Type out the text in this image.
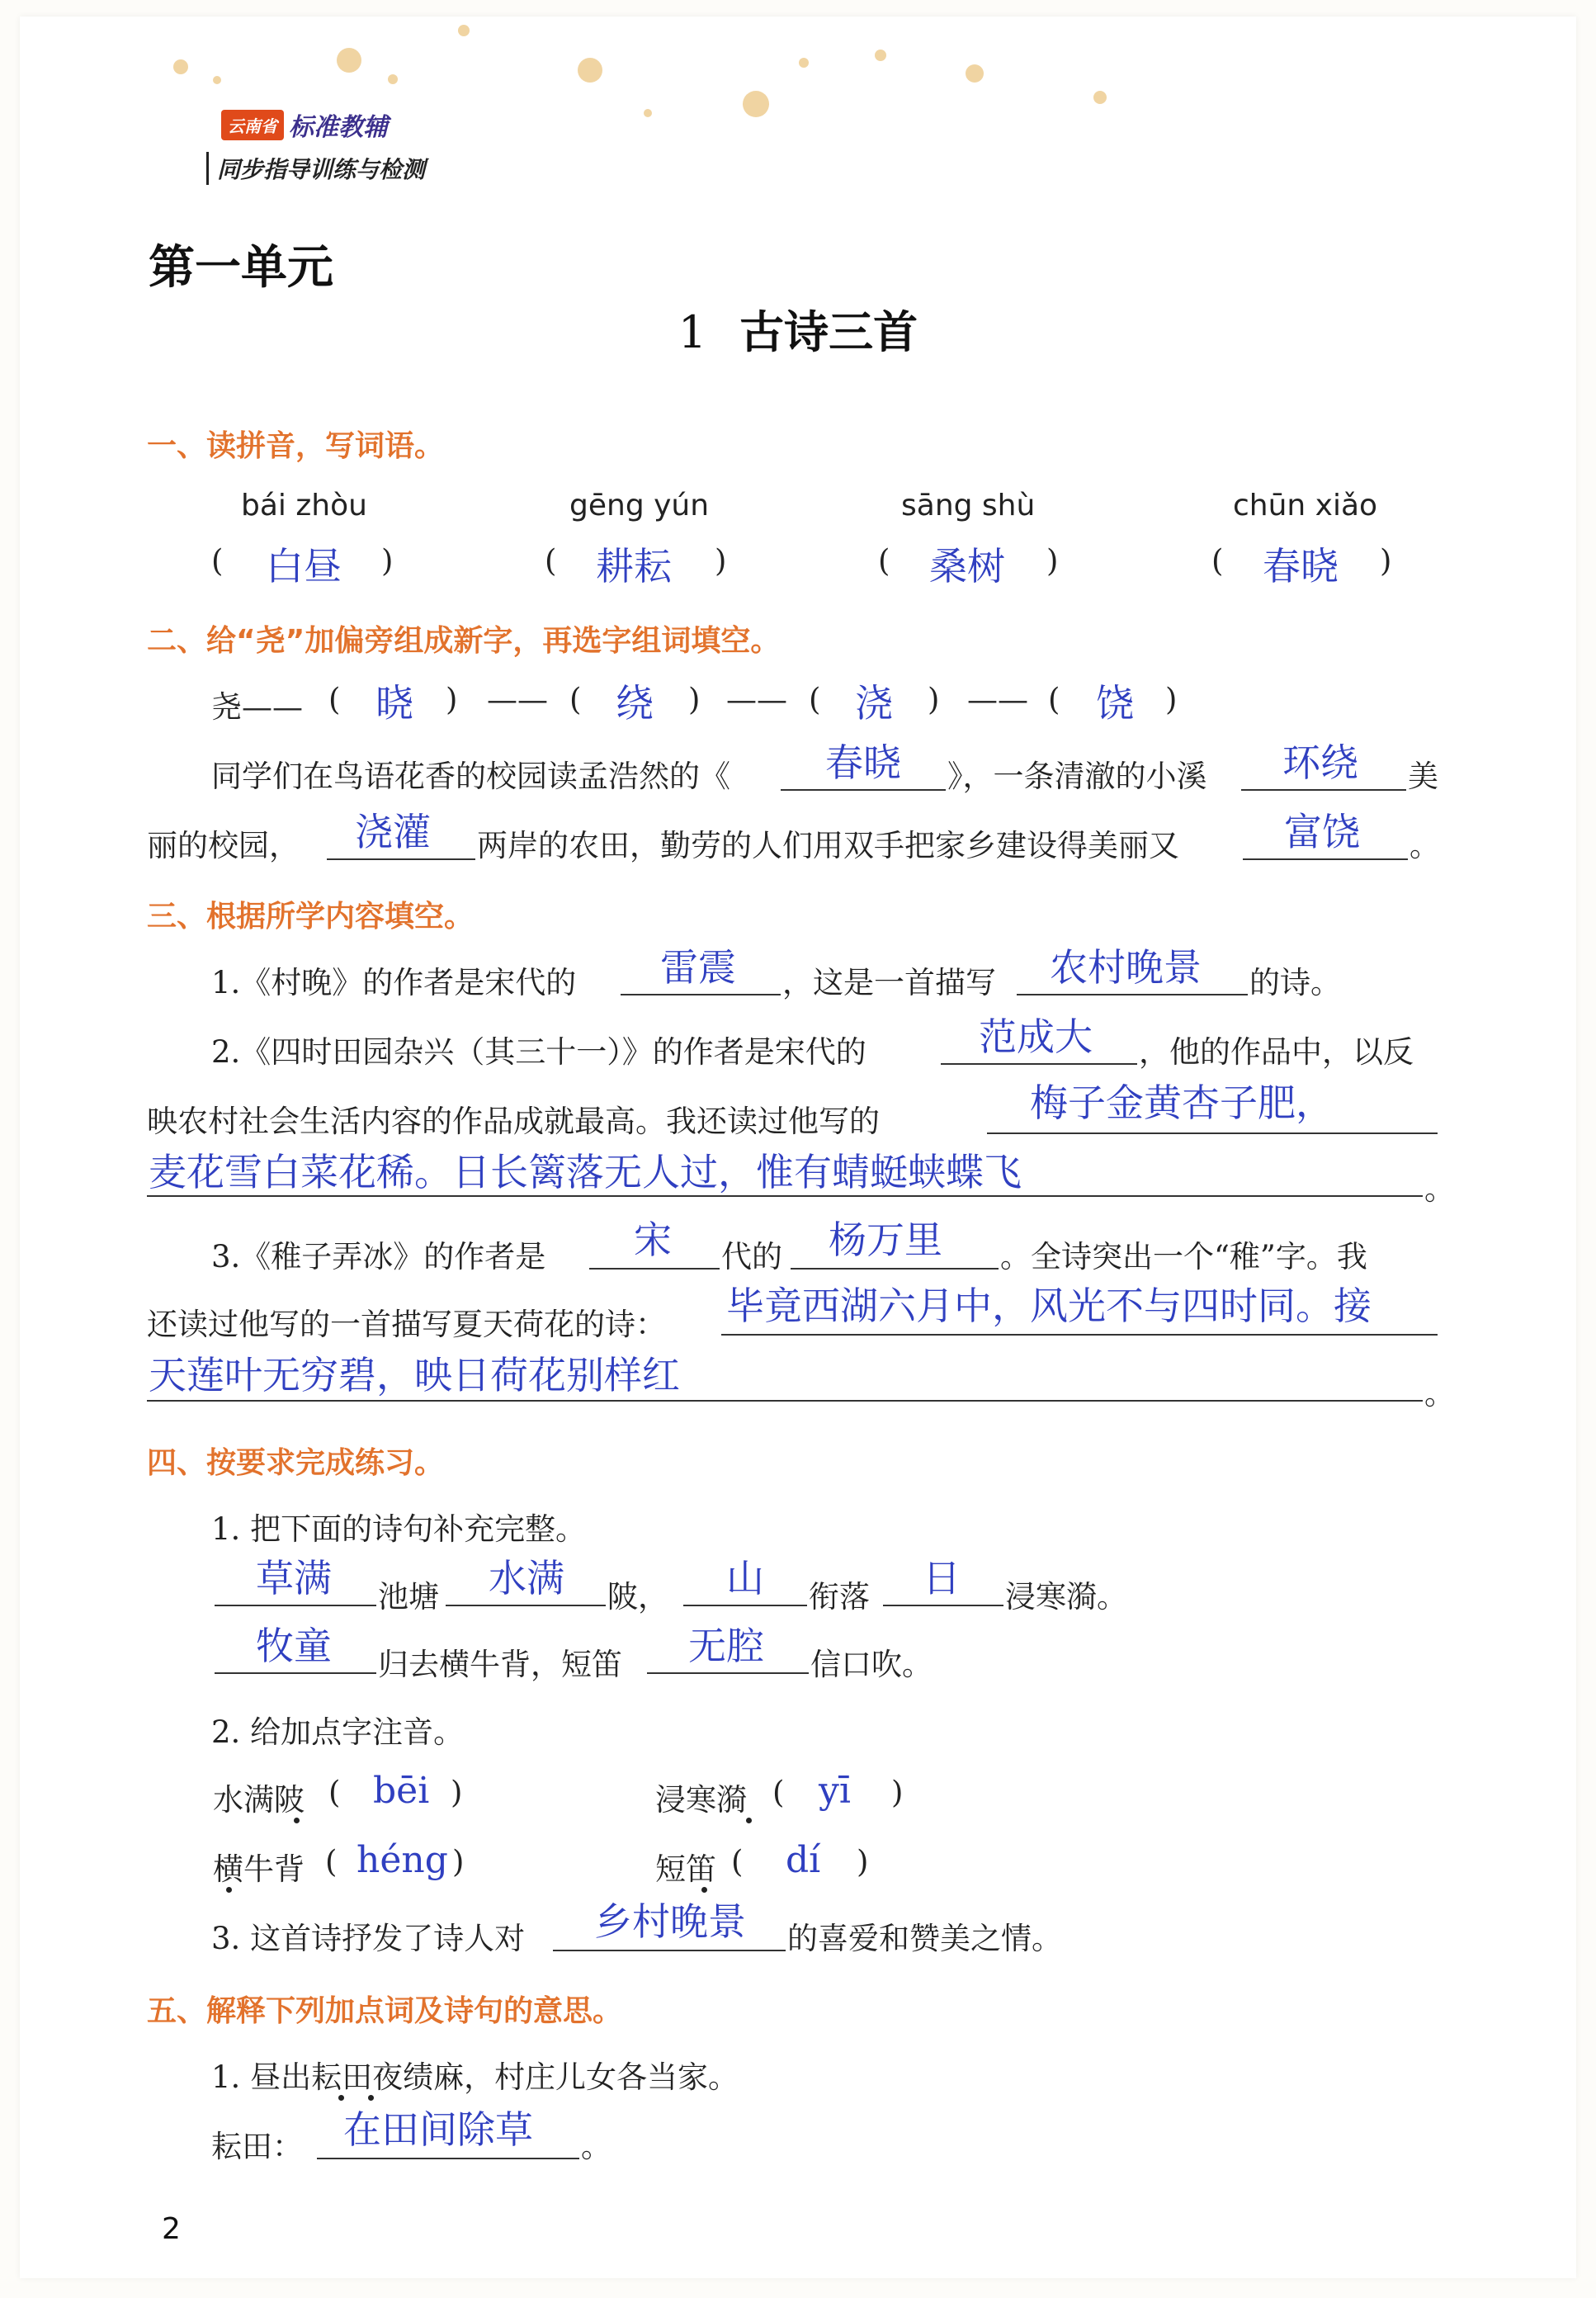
云南省 标准教辅
同步指导训练与检测
第一单元
1 古诗三首
一、读拼音，写词语。
bái zhòu	gēng yún	sāng shù	chūn xiǎo
( 白昼 )	( 耕耘 )	( 桑树 )	( 春晓 )
二、给“尧”加偏旁组成新字，再选字组词填空。
尧—— ( 晓 ) —— ( 绕 ) —— ( 浇 ) —— ( 饶 )
同学们在鸟语花香的校园读孟浩然的《	春晓 》，一条清澈的小溪 环绕 美
丽的校园， 浇灌 两岸的农田，勤劳的人们用双手把家乡建设得美丽又	富饶 。
三、根据所学内容填空。
1.《村晚》的作者是宋代的 雷震 ，这是一首描写 农村晚景 的诗。
2.《四时田园杂兴（其三十一）》的作者是宋代的	范成大 ，他的作品中，以反
映农村社会生活内容的作品成就最高。我还读过他写的	梅子金黄杏子肥，
麦花雪白菜花稀。日长篱落无人过，惟有蜻蜓蛱蝶飞	。
3.《稚子弄冰》的作者是 宋 代的 杨万里 。全诗突出一个“稚”字。我
还读过他写的一首描写夏天荷花的诗： 毕竟西湖六月中，风光不与四时同。接
天莲叶无穷碧，映日荷花别样红	。
四、按要求完成练习。
1. 把下面的诗句补充完整。
草满 池塘 水满 陂， 山 衔落 日 浸寒漪。
牧童 归去横牛背，短笛 无腔 信口吹。
2. 给加点字注音。
水满陂 ( bēi )	浸寒漪 ( yī )
横牛背 ( héng )	短笛 ( dí )
3. 这首诗抒发了诗人对 乡村晚景 的喜爱和赞美之情。
五、解释下列加点词及诗句的意思。
1. 昼出耘田夜绩麻，村庄儿女各当家。
耘田： 在田间除草 。
2
